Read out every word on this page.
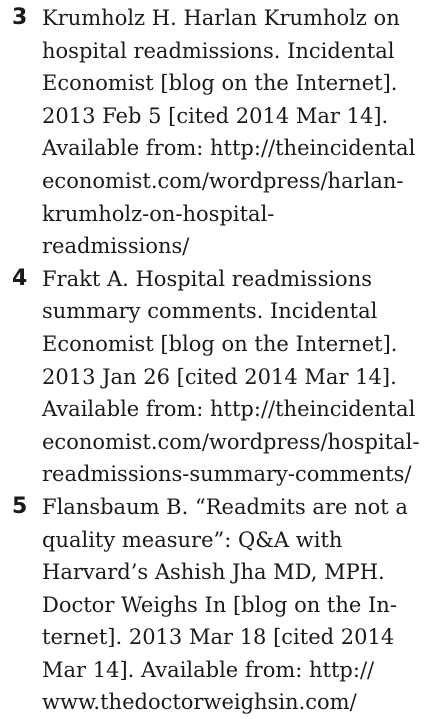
3 Krumholz H. Harlan Krumholz on
hospital readmissions. Incidental
Economist [blog on the Internet].
2013 Feb 5 [cited 2014 Mar 14].
Available from: http://theincidental
economist.com/wordpress/harlan-
krumholz-on-hospital-
readmissions/
4 Frakt A. Hospital readmissions
summary comments. Incidental
Economist [blog on the Internet].
2013 Jan 26 [cited 2014 Mar 14].
Available from: http://theincidental
economist.com/wordpress/hospital-
readmissions-summary-comments/
5 Flansbaum B. “Readmits are not a
quality measure”: Q&A with
Harvard’s Ashish Jha MD, MPH.
Doctor Weighs In [blog on the In-
ternet]. 2013 Mar 18 [cited 2014
Mar 14]. Available from: http://
www.thedoctorweighsin.com/
